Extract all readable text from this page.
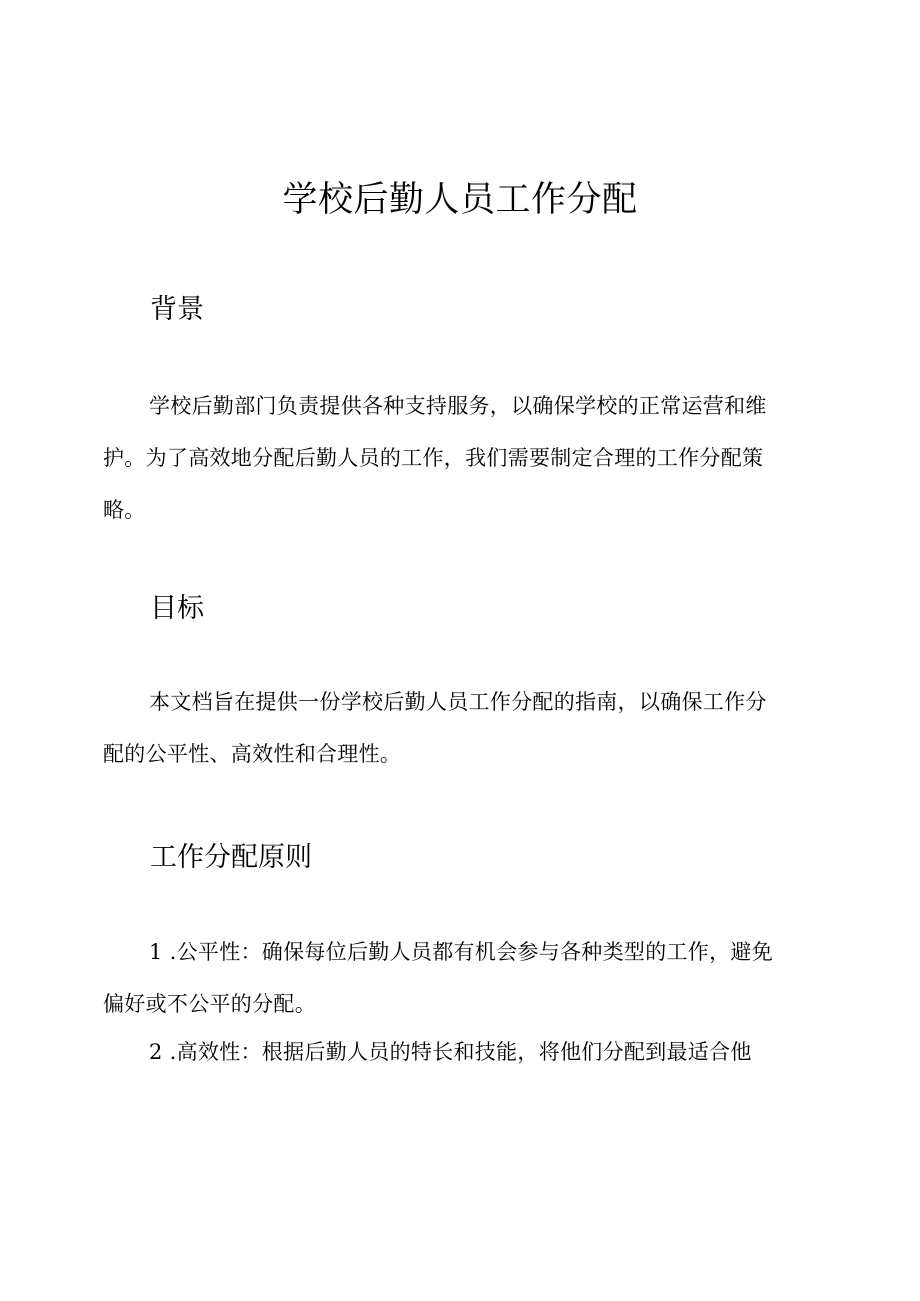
学校后勤人员工作分配
背景

学校后勤部门负责提供各种支持服务，以确保学校的正常运营和维
护。为了高效地分配后勤人员的工作，我们需要制定合理的工作分配策
略。

目标

本文档旨在提供一份学校后勤人员工作分配的指南，以确保工作分
配的公平性、高效性和合理性。

工作分配原则

1 .公平性：确保每位后勤人员都有机会参与各种类型的工作，避免
偏好或不公平的分配。

2 .高效性：根据后勤人员的特长和技能，将他们分配到最适合他
